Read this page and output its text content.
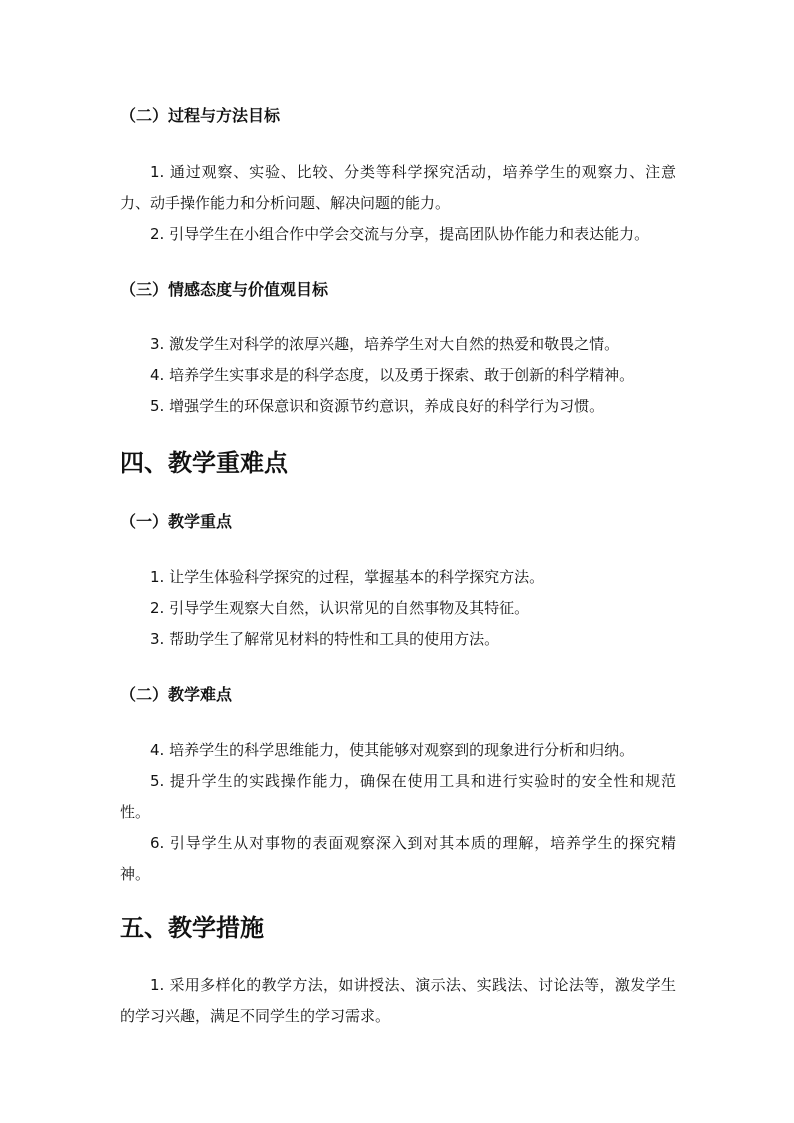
（二）过程与方法目标
1. 通过观察、实验、比较、分类等科学探究活动，培养学生的观察力、注意力、动手操作能力和分析问题、解决问题的能力。
2. 引导学生在小组合作中学会交流与分享，提高团队协作能力和表达能力。
（三）情感态度与价值观目标
3. 激发学生对科学的浓厚兴趣，培养学生对大自然的热爱和敬畏之情。
4. 培养学生实事求是的科学态度，以及勇于探索、敢于创新的科学精神。
5. 增强学生的环保意识和资源节约意识，养成良好的科学行为习惯。
四、教学重难点
（一）教学重点
1. 让学生体验科学探究的过程，掌握基本的科学探究方法。
2. 引导学生观察大自然，认识常见的自然事物及其特征。
3. 帮助学生了解常见材料的特性和工具的使用方法。
（二）教学难点
4. 培养学生的科学思维能力，使其能够对观察到的现象进行分析和归纳。
5. 提升学生的实践操作能力，确保在使用工具和进行实验时的安全性和规范性。
6. 引导学生从对事物的表面观察深入到对其本质的理解，培养学生的探究精神。
五、教学措施
1. 采用多样化的教学方法，如讲授法、演示法、实践法、讨论法等，激发学生的学习兴趣，满足不同学生的学习需求。
